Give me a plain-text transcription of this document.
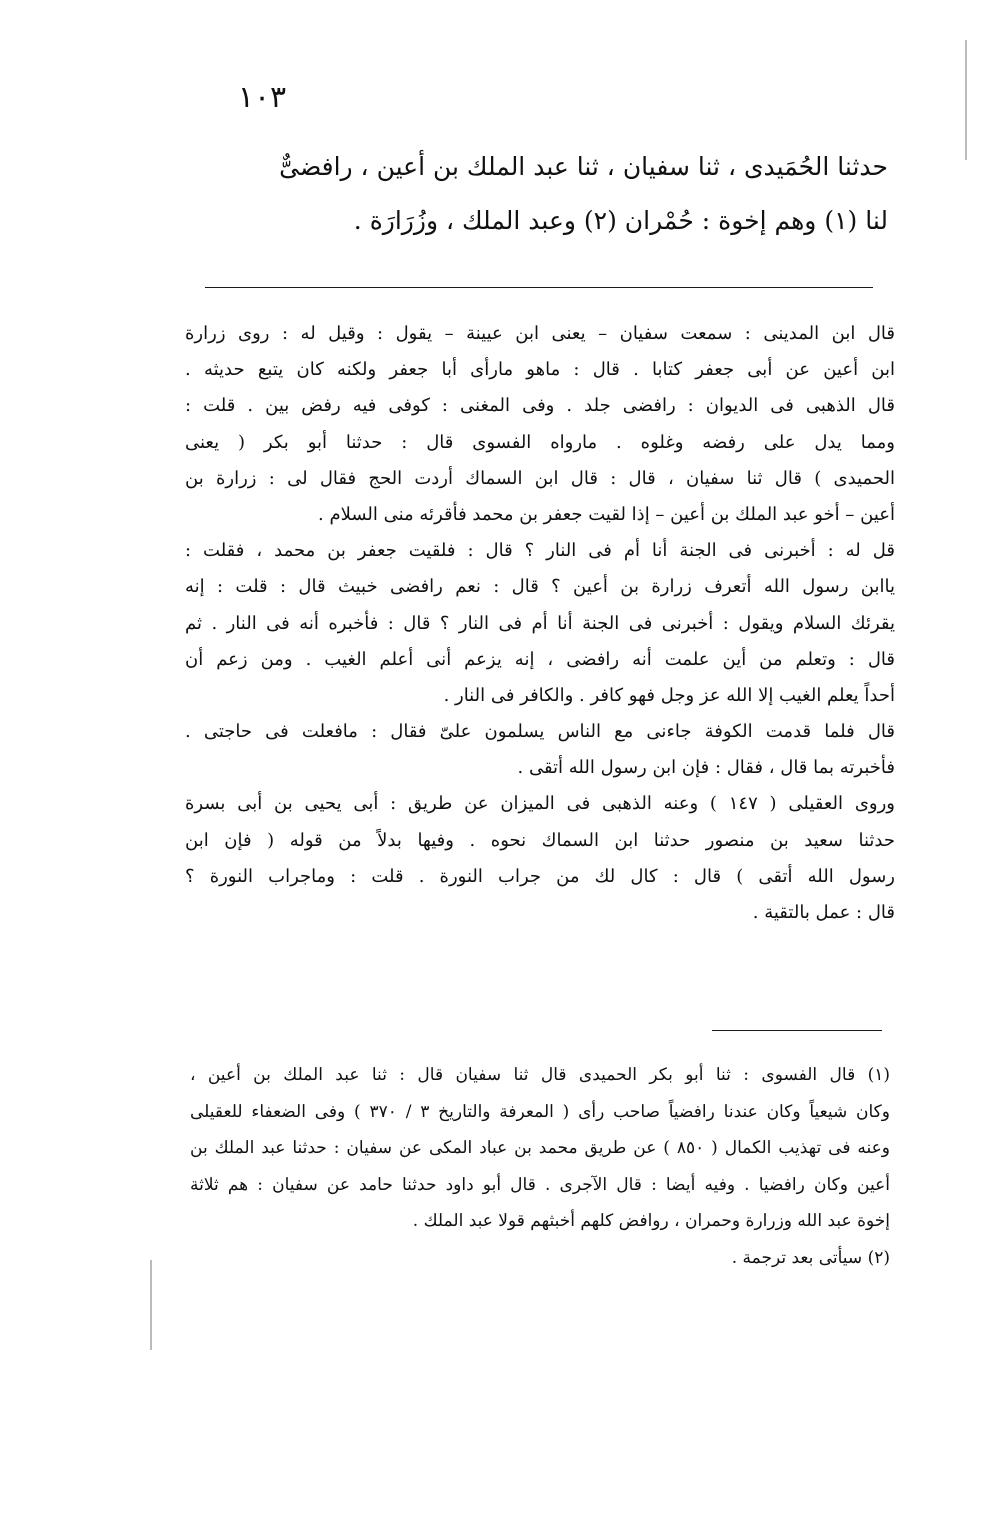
١٠٣
حدثنا الحُمَيدى ، ثنا سفيان ، ثنا عبد الملك بن أعين ، رافضىٌّ
لنا (١) وهم إخوة : حُمْران (٢) وعبد الملك ، وزُرَارَة .
قال ابن المدينى : سمعت سفيان – يعنى ابن عيينة – يقول : وقيل له : روى زرارة
ابن أعين عن أبى جعفر كتابا . قال : ماهو مارأى أبا جعفر ولكنه كان يتبع حديثه .
قال الذهبى فى الديوان : رافضى جلد . وفى المغنى : كوفى فيه رفض بين . قلت :
ومما يدل على رفضه وغلوه . مارواه الفسوى قال : حدثنا أبو بكر ( يعنى
الحميدى ) قال ثنا سفيان ، قال : قال ابن السماك أردت الحج فقال لى : زرارة بن
أعين – أخو عبد الملك بن أعين – إذا لقيت جعفر بن محمد فأقرئه منى السلام .
قل له : أخبرنى فى الجنة أنا أم فى النار ؟ قال : فلقيت جعفر بن محمد ، فقلت :
ياابن رسول الله أتعرف زرارة بن أعين ؟ قال : نعم رافضى خبيث قال : قلت : إنه
يقرئك السلام ويقول : أخبرنى فى الجنة أنا أم فى النار ؟ قال : فأخبره أنه فى النار . ثم
قال : وتعلم من أين علمت أنه رافضى ، إنه يزعم أنى أعلم الغيب . ومن زعم أن
أحداً يعلم الغيب إلا الله عز وجل فهو كافر . والكافر فى النار .
قال فلما قدمت الكوفة جاءنى مع الناس يسلمون علىّ فقال : مافعلت فى حاجتى .
فأخبرته بما قال ، فقال : فإن ابن رسول الله أتقى .
وروى العقيلى ( ١٤٧ ) وعنه الذهبى فى الميزان عن طريق : أبى يحيى بن أبى بسرة
حدثنا سعيد بن منصور حدثنا ابن السماك نحوه . وفيها بدلاً من قوله ( فإن ابن
رسول الله أتقى ) قال : كال لك من جراب النورة . قلت : وماجراب النورة ؟
قال : عمل بالتقية .
(١) قال الفسوى : ثنا أبو بكر الحميدى قال ثنا سفيان قال : ثنا عبد الملك بن أعين ،
وكان شيعياً وكان عندنا رافضياً صاحب رأى ( المعرفة والتاريخ ٣ / ٣٧٠ ) وفى الضعفاء للعقيلى
وعنه فى تهذيب الكمال ( ٨٥٠ ) عن طريق محمد بن عباد المكى عن سفيان : حدثنا عبد الملك بن
أعين وكان رافضيا . وفيه أيضا : قال الآجرى . قال أبو داود حدثنا حامد عن سفيان : هم ثلاثة
إخوة عبد الله وزرارة وحمران ، روافض كلهم أخبثهم قولا عبد الملك .
(٢) سيأتى بعد ترجمة .
